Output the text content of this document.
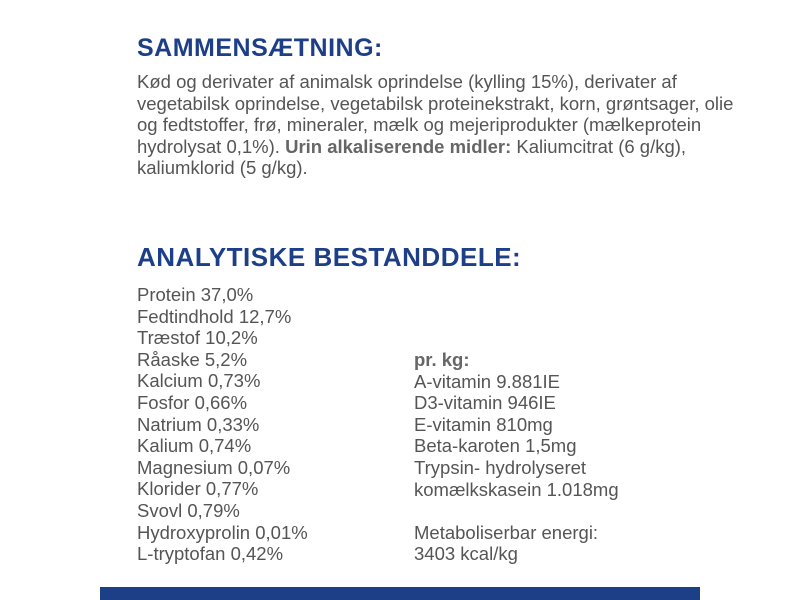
SAMMENSÆTNING:
Kød og derivater af animalsk oprindelse (kylling 15%), derivater af vegetabilsk oprindelse, vegetabilsk proteinekstrakt, korn, grøntsager, olie og fedtstoffer, frø, mineraler, mælk og mejeriprodukter (mælkeprotein hydrolysat 0,1%). Urin alkaliserende midler: Kaliumcitrat (6 g/kg), kaliumklorid (5 g/kg).
ANALYTISKE BESTANDDELE:
Protein 37,0%
Fedtindhold 12,7%
Træstof 10,2%
Råaske 5,2%
Kalcium 0,73%
Fosfor 0,66%
Natrium 0,33%
Kalium 0,74%
Magnesium 0,07%
Klorider 0,77%
Svovl 0,79%
Hydroxyprolin 0,01%
L-tryptofan 0,42%
pr. kg:
A-vitamin 9.881IE
D3-vitamin 946IE
E-vitamin 810mg
Beta-karoten 1,5mg
Trypsin- hydrolyseret
komælkskasein 1.018mg
Metaboliserbar energi:
3403 kcal/kg
